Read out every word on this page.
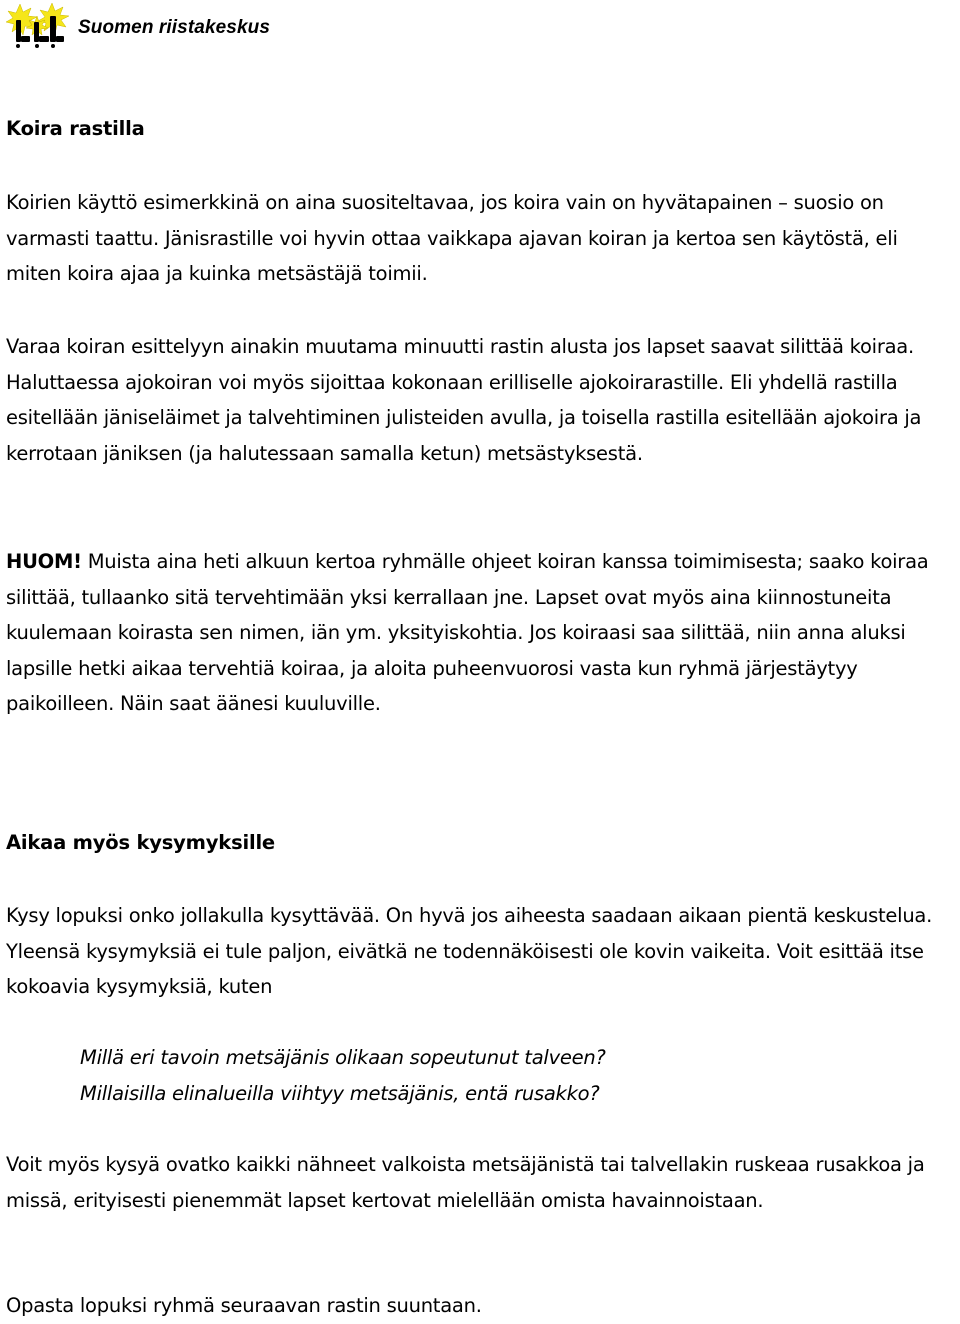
Suomen riistakeskus
Koira rastilla
Koirien käyttö esimerkkinä on aina suositeltavaa, jos koira vain on hyvätapainen – suosio on varmasti taattu. Jänisrastille voi hyvin ottaa vaikkapa ajavan koiran ja kertoa sen käytöstä, eli miten koira ajaa ja kuinka metsästäjä toimii.
Varaa koiran esittelyyn ainakin muutama minuutti rastin alusta jos lapset saavat silittää koiraa. Haluttaessa ajokoiran voi myös sijoittaa kokonaan erilliselle ajokoirarastille. Eli yhdellä rastilla esitellään jäniseläimet ja talvehtiminen julisteiden avulla, ja toisella rastilla esitellään ajokoira ja kerrotaan jäniksen (ja halutessaan samalla ketun) metsästyksestä.
HUOM! Muista aina heti alkuun kertoa ryhmälle ohjeet koiran kanssa toimimisesta; saako koiraa silittää, tullaanko sitä tervehtimään yksi kerrallaan jne. Lapset ovat myös aina kiinnostuneita kuulemaan koirasta sen nimen, iän ym. yksityiskohtia. Jos koiraasi saa silittää, niin anna aluksi lapsille hetki aikaa tervehtiä koiraa, ja aloita puheenvuorosi vasta kun ryhmä järjestäytyy paikoilleen. Näin saat äänesi kuuluville.
Aikaa myös kysymyksille
Kysy lopuksi onko jollakulla kysyttävää. On hyvä jos aiheesta saadaan aikaan pientä keskustelua. Yleensä kysymyksiä ei tule paljon, eivätkä ne todennäköisesti ole kovin vaikeita. Voit esittää itse kokoavia kysymyksiä, kuten
Millä eri tavoin metsäjänis olikaan sopeutunut talveen?
Millaisilla elinalueilla viihtyy metsäjänis, entä rusakko?
Voit myös kysyä ovatko kaikki nähneet valkoista metsäjänistä tai talvellakin ruskeaa rusakkoa ja missä, erityisesti pienemmät lapset kertovat mielellään omista havainnoistaan.
Opasta lopuksi ryhmä seuraavan rastin suuntaan.
